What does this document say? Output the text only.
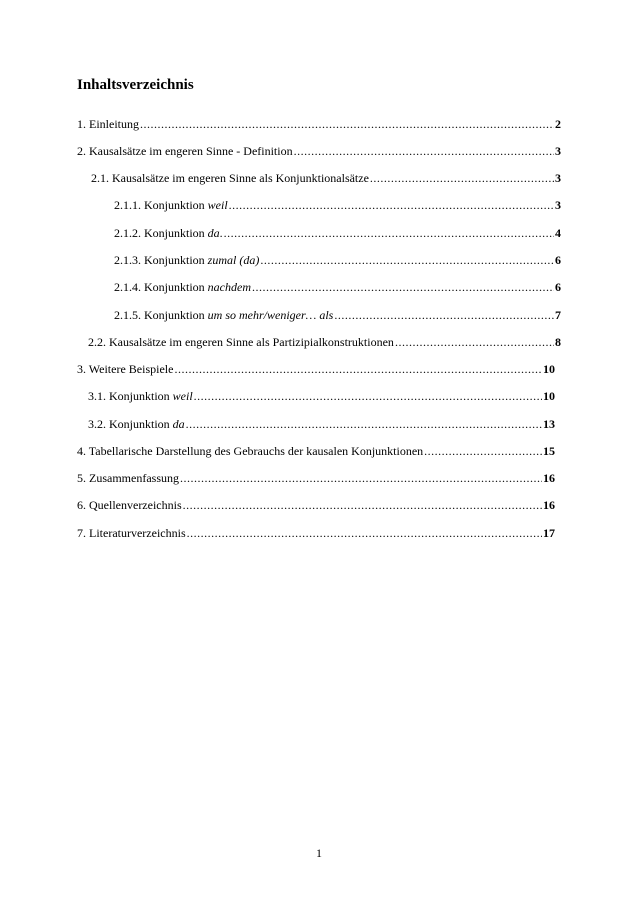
Inhaltsverzeichnis
1. Einleitung .....	2
2. Kausalsätze im engeren Sinne - Definition .....	3
2.1. Kausalsätze im engeren Sinne als Konjunktionalsätze .....	3
2.1.1. Konjunktion weil .....	3
2.1.2. Konjunktion da. .....	4
2.1.3. Konjunktion zumal (da) .....	6
2.1.4. Konjunktion nachdem .....	6
2.1.5. Konjunktion um so mehr/weniger… als .....	7
2.2. Kausalsätze im engeren Sinne als Partizipialkonstruktionen .....	8
3. Weitere Beispiele .....	10
3.1. Konjunktion weil .....	10
3.2. Konjunktion da .....	13
4. Tabellarische Darstellung des Gebrauchs der kausalen Konjunktionen .....	15
5. Zusammenfassung .....	16
6. Quellenverzeichnis .....	16
7. Literaturverzeichnis .....	17
1
